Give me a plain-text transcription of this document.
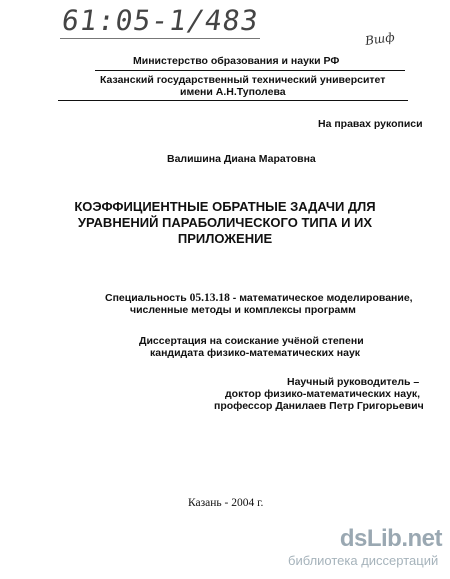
61:05-1/483
Вшф
Министерство образования и науки РФ
Казанский государственный технический университет
имени А.Н.Туполева
На правах рукописи
Валишина Диана Маратовна
КОЭФФИЦИЕНТНЫЕ ОБРАТНЫЕ ЗАДАЧИ ДЛЯ
УРАВНЕНИЙ ПАРАБОЛИЧЕСКОГО ТИПА И ИХ
ПРИЛОЖЕНИЕ
Специальность 05.13.18 - математическое моделирование,
численные методы и комплексы программ
Диссертация на соискание учёной степени
кандидата физико-математических наук
Научный руководитель –
доктор физико-математических наук,
профессор Данилаев Петр Григорьевич
Казань - 2004 г.
dsLib.net
библиотека диссертаций
